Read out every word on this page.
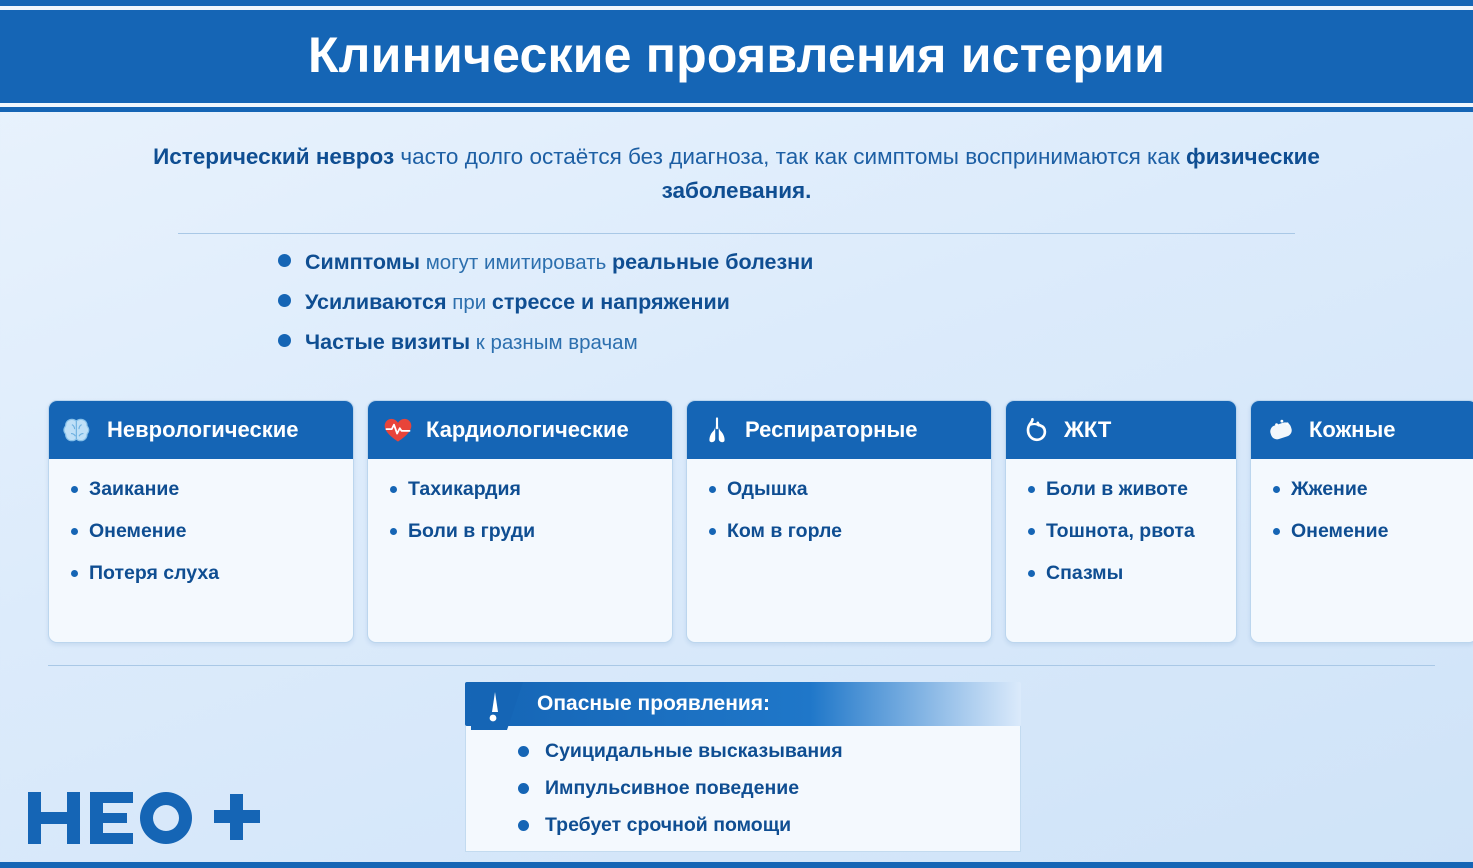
Клинические проявления истерии
Истерический невроз часто долго остаётся без диагноза, так как симптомы воспринимаются как физические заболевания.
Симптомы могут имитировать реальные болезни
Усиливаются при стрессе и напряжении
Частые визиты к разным врачам
Неврологические
Заикание
Онемение
Потеря слуха
Кардиологические
Тахикардия
Боли в груди
Респираторные
Одышка
Ком в горле
ЖКТ
Боли в животе
Тошнота, рвота
Спазмы
Кожные
Жжение
Онемение
Опасные проявления:
Суицидальные высказывания
Импульсивное поведение
Требует срочной помощи
